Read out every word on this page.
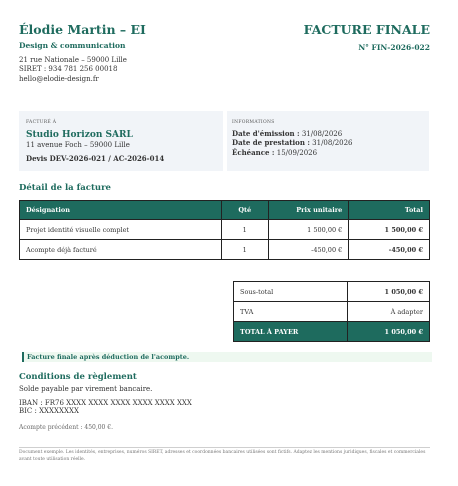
Élodie Martin – EI
Design & communication
21 rue Nationale – 59000 Lille
SIRET : 934 781 256 00018
hello@elodie-design.fr
FACTURE FINALE
N° FIN-2026-022
FACTURÉ À
Studio Horizon SARL
11 avenue Foch – 59000 Lille
Devis DEV-2026-021 / AC-2026-014
INFORMATIONS
Date d'émission : 31/08/2026
Date de prestation : 31/08/2026
Échéance : 15/09/2026
Détail de la facture
Désignation	Qté	Prix unitaire	Total
Projet identité visuelle complet	1	1 500,00 €	1 500,00 €
Acompte déjà facturé	1	-450,00 €	-450,00 €
Sous-total	1 050,00 €
TVA	À adapter
TOTAL À PAYER	1 050,00 €
Facture finale après déduction de l'acompte.
Conditions de règlement
Solde payable par virement bancaire.
IBAN : FR76 XXXX XXXX XXXX XXXX XXXX XXX
BIC : XXXXXXXX
Acompte précédent : 450,00 €.
Document exemple. Les identités, entreprises, numéros SIRET, adresses et coordonnées bancaires utilisées sont fictifs. Adaptez les mentions juridiques, fiscales et commerciales avant toute utilisation réelle.
